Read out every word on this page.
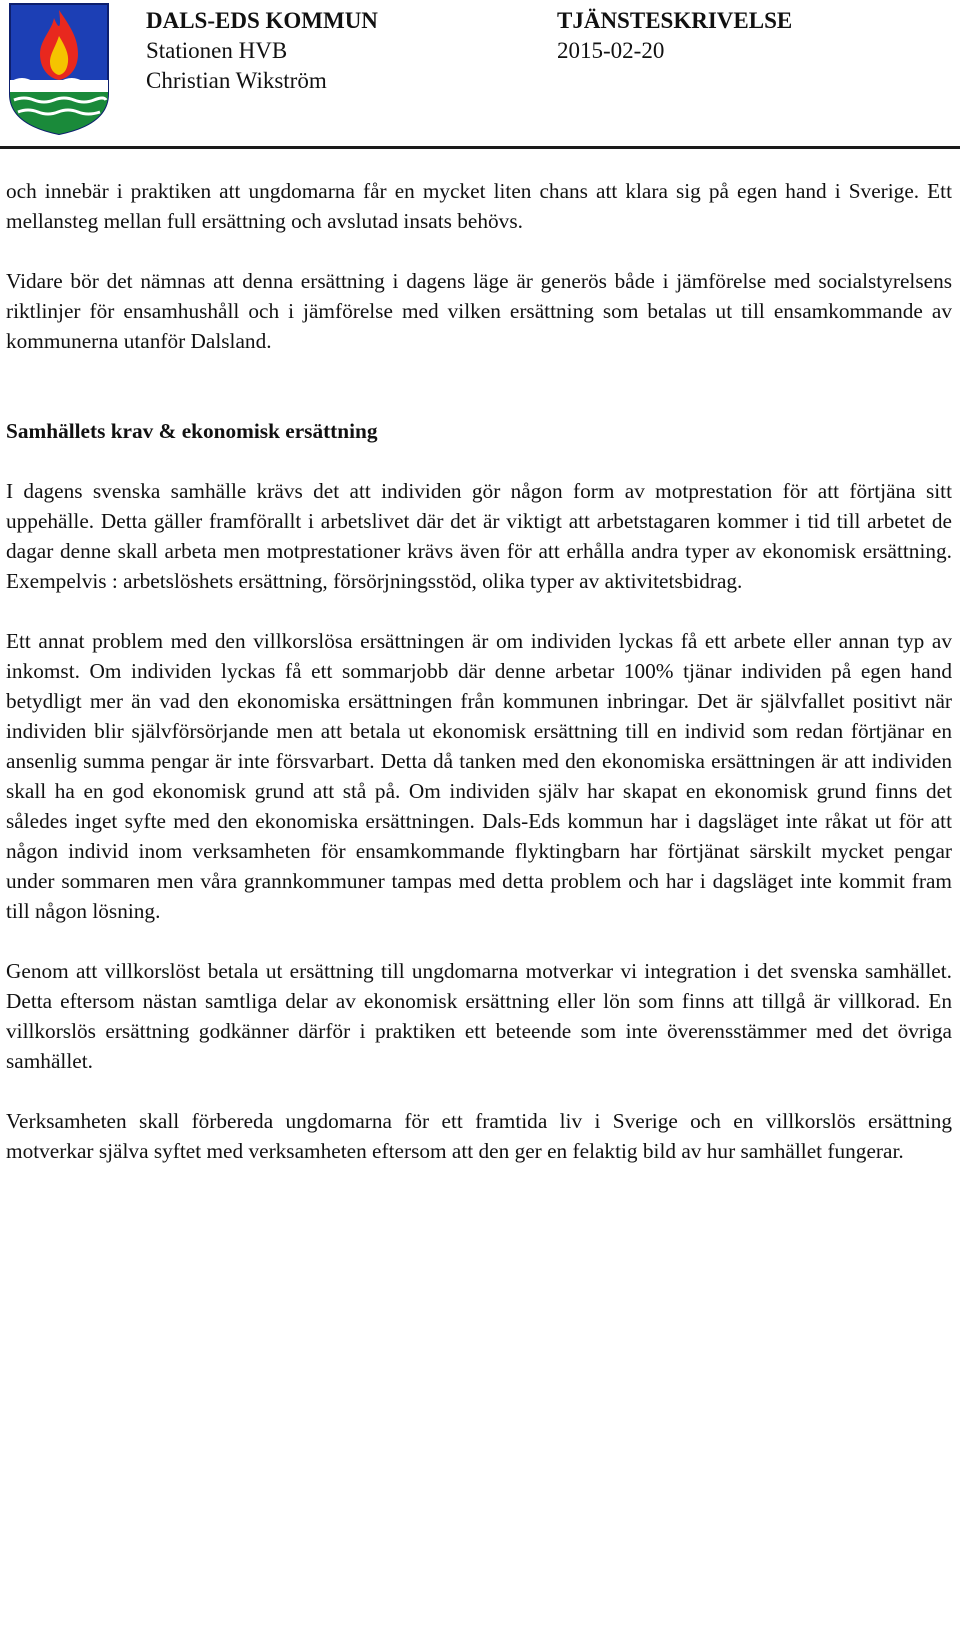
DALS-EDS KOMMUN
Stationen HVB
Christian Wikström
TJÄNSTESKRIVELSE
2015-02-20

och innebär i praktiken att ungdomarna får en mycket liten chans att klara sig på egen hand i Sverige. Ett mellansteg mellan full ersättning och avslutad insats behövs.

Vidare bör det nämnas att denna ersättning i dagens läge är generös både i jämförelse med socialstyrelsens riktlinjer för ensamhushåll och i jämförelse med vilken ersättning som betalas ut till ensamkommande av kommunerna utanför Dalsland.

Samhällets krav & ekonomisk ersättning

I dagens svenska samhälle krävs det att individen gör någon form av motprestation för att förtjäna sitt uppehälle. Detta gäller framförallt i arbetslivet där det är viktigt att arbetstagaren kommer i tid till arbetet de dagar denne skall arbeta men motprestationer krävs även för att erhålla andra typer av ekonomisk ersättning. Exempelvis : arbetslöshets ersättning, försörjningsstöd, olika typer av aktivitetsbidrag.

Ett annat problem med den villkorslösa ersättningen är om individen lyckas få ett arbete eller annan typ av inkomst. Om individen lyckas få ett sommarjobb där denne arbetar 100% tjänar individen på egen hand betydligt mer än vad den ekonomiska ersättningen från kommunen inbringar. Det är självfallet positivt när individen blir självförsörjande men att betala ut ekonomisk ersättning till en individ som redan förtjänar en ansenlig summa pengar är inte försvarbart. Detta då tanken med den ekonomiska ersättningen är att individen skall ha en god ekonomisk grund att stå på. Om individen själv har skapat en ekonomisk grund finns det således inget syfte med den ekonomiska ersättningen. Dals-Eds kommun har i dagsläget inte råkat ut för att någon individ inom verksamheten för ensamkommande flyktingbarn har förtjänat särskilt mycket pengar under sommaren men våra grannkommuner tampas med detta problem och har i dagsläget inte kommit fram till någon lösning.

Genom att villkorslöst betala ut ersättning till ungdomarna motverkar vi integration i det svenska samhället. Detta eftersom nästan samtliga delar av ekonomisk ersättning eller lön som finns att tillgå är villkorad. En villkorslös ersättning godkänner därför i praktiken ett beteende som inte överensstämmer med det övriga samhället.

Verksamheten skall förbereda ungdomarna för ett framtida liv i Sverige och en villkorslös ersättning motverkar själva syftet med verksamheten eftersom att den ger en felaktig bild av hur samhället fungerar.
